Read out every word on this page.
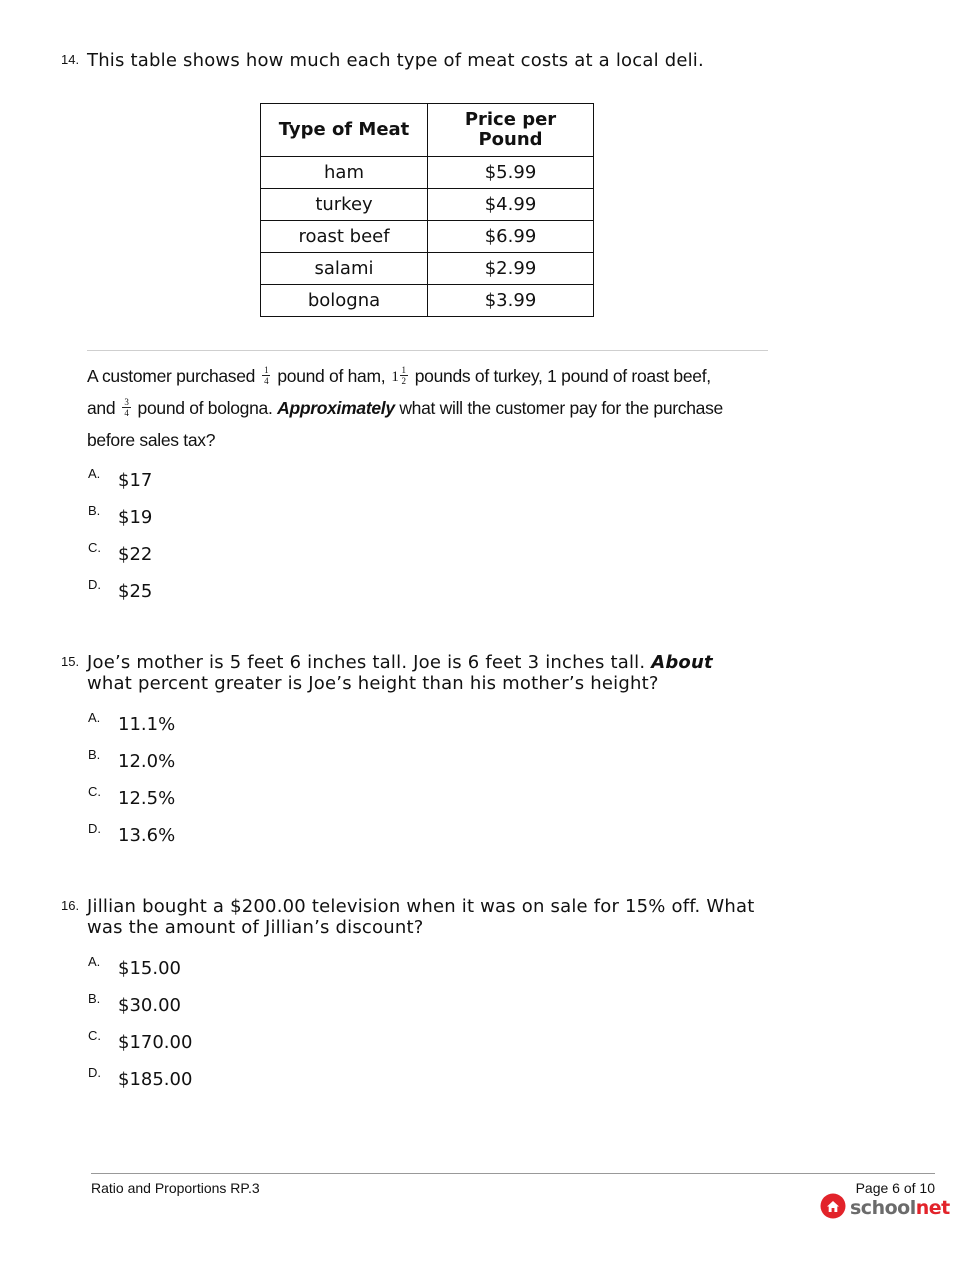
14. This table shows how much each type of meat costs at a local deli.
Type of Meat	Price per Pound
ham	$5.99
turkey	$4.99
roast beef	$6.99
salami	$2.99
bologna	$3.99
A customer purchased $\frac{1}{4}$ pound of ham, $1 \frac{1}{2}$ pounds of turkey, 1 pound of roast beef,
and $\frac{3}{4}$ pound of bologna. Approximately what will the customer pay for the purchase
before sales tax?
A. $17
B. $19
C. $22
D. $25
15. Joe’s mother is 5 feet 6 inches tall. Joe is 6 feet 3 inches tall. About
what percent greater is Joe’s height than his mother’s height?
A. 11.1%
B. 12.0%
C. 12.5%
D. 13.6%
16. Jillian bought a $200.00 television when it was on sale for 15% off. What
was the amount of Jillian’s discount?
A. $15.00
B. $30.00
C. $170.00
D. $185.00
Ratio and Proportions RP.3	Page 6 of 10
schoolnet
